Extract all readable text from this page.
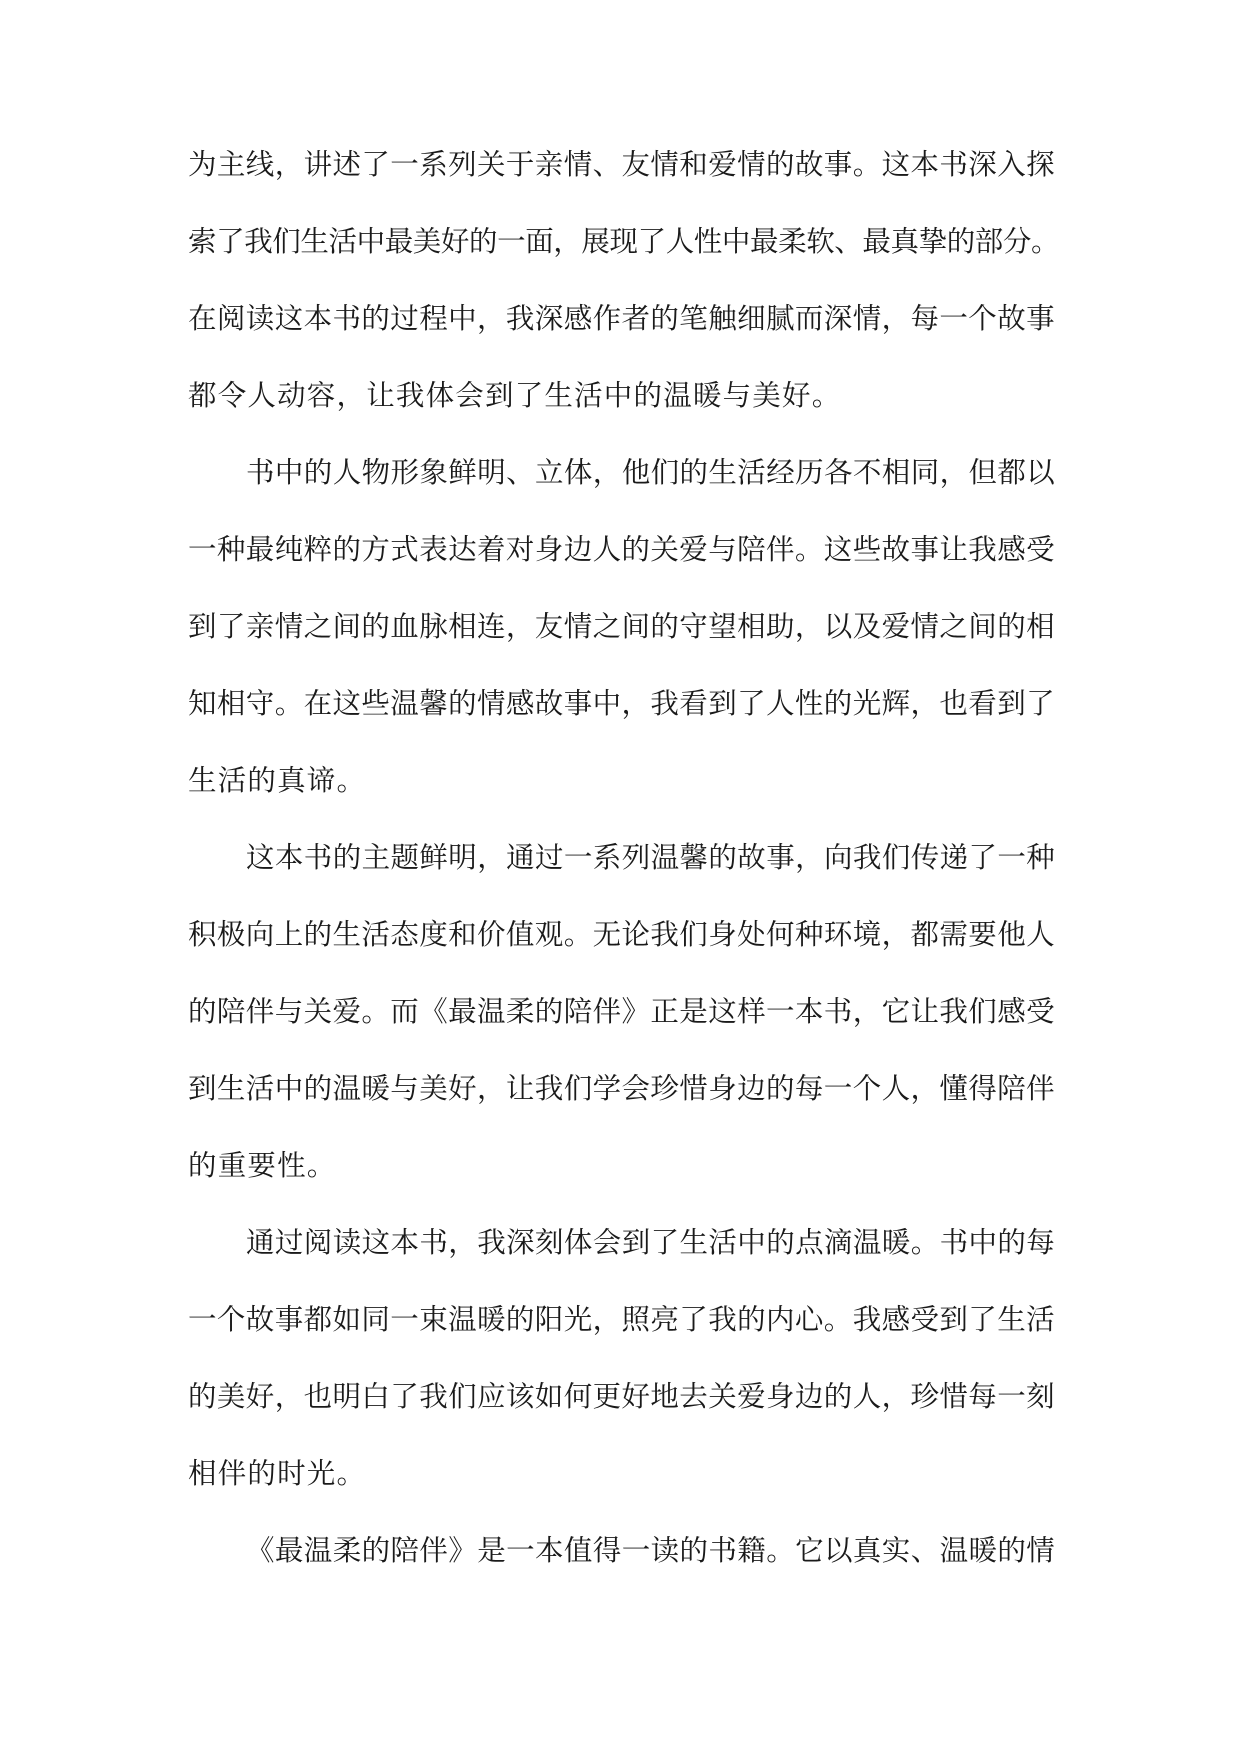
为主线，讲述了一系列关于亲情、友情和爱情的故事。这本书深入探
索了我们生活中最美好的一面，展现了人性中最柔软、最真挚的部分。
在阅读这本书的过程中，我深感作者的笔触细腻而深情，每一个故事
都令人动容，让我体会到了生活中的温暖与美好。
书中的人物形象鲜明、立体，他们的生活经历各不相同，但都以
一种最纯粹的方式表达着对身边人的关爱与陪伴。这些故事让我感受
到了亲情之间的血脉相连，友情之间的守望相助，以及爱情之间的相
知相守。在这些温馨的情感故事中，我看到了人性的光辉，也看到了
生活的真谛。
这本书的主题鲜明，通过一系列温馨的故事，向我们传递了一种
积极向上的生活态度和价值观。无论我们身处何种环境，都需要他人
的陪伴与关爱。而《最温柔的陪伴》正是这样一本书，它让我们感受
到生活中的温暖与美好，让我们学会珍惜身边的每一个人，懂得陪伴
的重要性。
通过阅读这本书，我深刻体会到了生活中的点滴温暖。书中的每
一个故事都如同一束温暖的阳光，照亮了我的内心。我感受到了生活
的美好，也明白了我们应该如何更好地去关爱身边的人，珍惜每一刻
相伴的时光。
《最温柔的陪伴》是一本值得一读的书籍。它以真实、温暖的情
